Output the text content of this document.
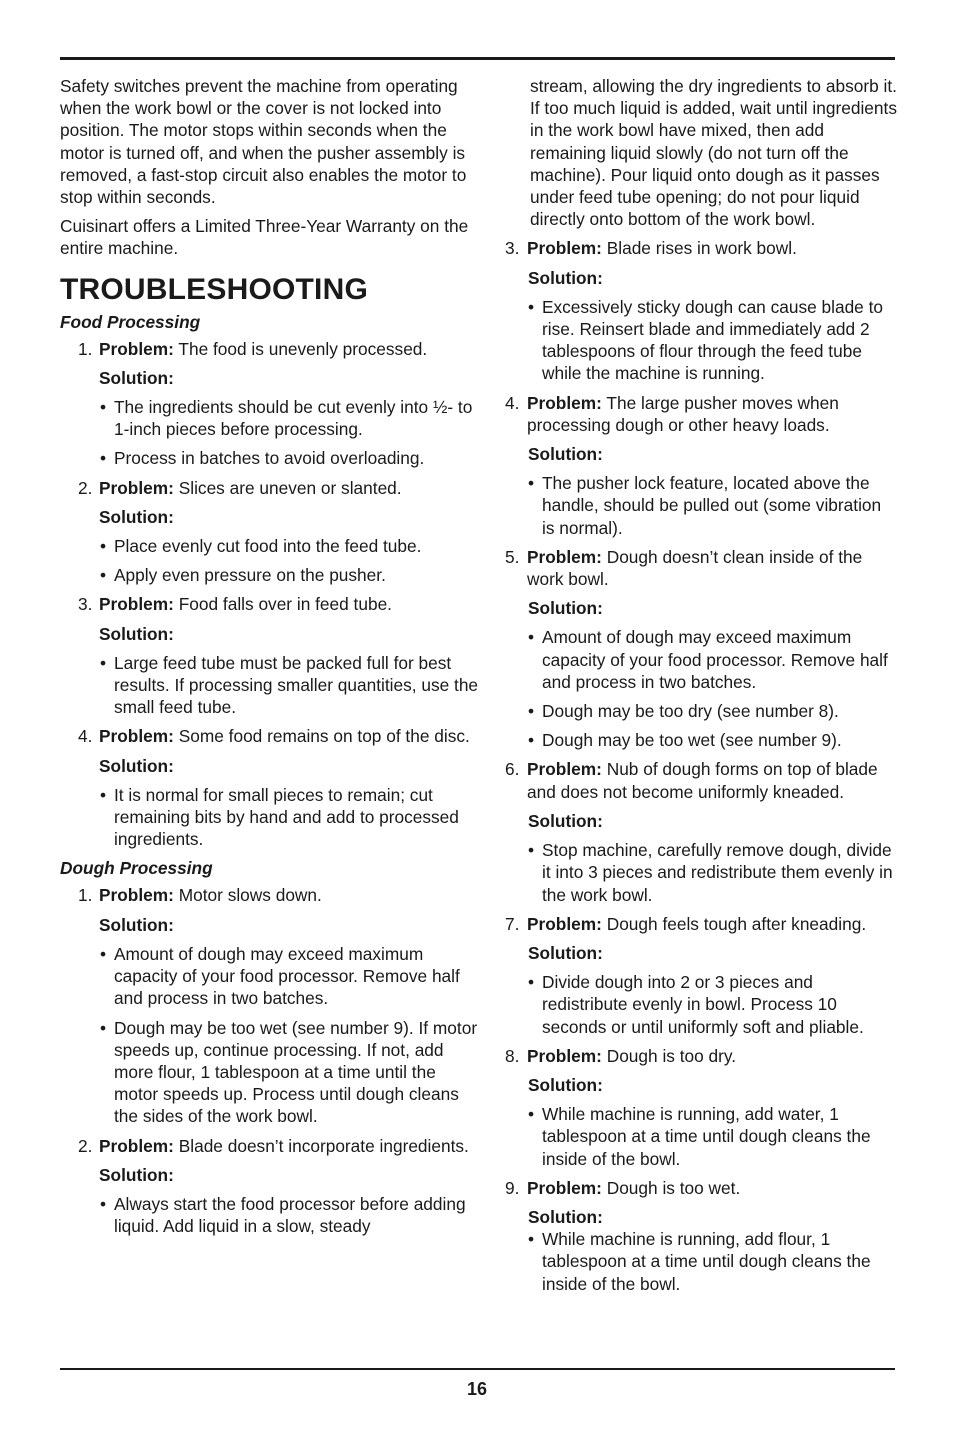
Safety switches prevent the machine from operating when the work bowl or the cover is not locked into position. The motor stops within seconds when the motor is turned off, and when the pusher assembly is removed, a fast-stop circuit also enables the motor to stop within seconds.

Cuisinart offers a Limited Three-Year Warranty on the entire machine.

TROUBLESHOOTING
Food Processing
1. Problem: The food is unevenly processed.

Solution:

• The ingredients should be cut evenly into ½- to 1-inch pieces before processing.
• Process in batches to avoid overloading.
2. Problem: Slices are uneven or slanted.

Solution:

• Place evenly cut food into the feed tube.
• Apply even pressure on the pusher.
3. Problem: Food falls over in feed tube.

Solution:

• Large feed tube must be packed full for best results. If processing smaller quantities, use the small feed tube.
4. Problem: Some food remains on top of the disc.

Solution:

• It is normal for small pieces to remain; cut remaining bits by hand and add to processed ingredients.
Dough Processing
1. Problem: Motor slows down.

Solution:

• Amount of dough may exceed maximum capacity of your food processor. Remove half and process in two batches.
• Dough may be too wet (see number 9). If motor speeds up, continue processing. If not, add more flour, 1 tablespoon at a time until the motor speeds up. Process until dough cleans the sides of the work bowl.
2. Problem: Blade doesn’t incorporate ingredients.

Solution:

• Always start the food processor before adding liquid. Add liquid in a slow, steady

stream, allowing the dry ingredients to absorb it. If too much liquid is added, wait until ingredients in the work bowl have mixed, then add remaining liquid slowly (do not turn off the machine). Pour liquid onto dough as it passes under feed tube opening; do not pour liquid directly onto bottom of the work bowl.

3. Problem: Blade rises in work bowl.

Solution:

• Excessively sticky dough can cause blade to rise. Reinsert blade and immediately add 2 tablespoons of flour through the feed tube while the machine is running.
4. Problem: The large pusher moves when processing dough or other heavy loads.

Solution:

• The pusher lock feature, located above the handle, should be pulled out (some vibration is normal).
5. Problem: Dough doesn’t clean inside of the work bowl.

Solution:

• Amount of dough may exceed maximum capacity of your food processor. Remove half and process in two batches.
• Dough may be too dry (see number 8).
• Dough may be too wet (see number 9).
6. Problem: Nub of dough forms on top of blade and does not become uniformly kneaded.

Solution:

• Stop machine, carefully remove dough, divide it into 3 pieces and redistribute them evenly in the work bowl.
7. Problem: Dough feels tough after kneading.

Solution:

• Divide dough into 2 or 3 pieces and redistribute evenly in bowl. Process 10 seconds or until uniformly soft and pliable.
8. Problem: Dough is too dry.

Solution:

• While machine is running, add water, 1 tablespoon at a time until dough cleans the inside of the bowl.
9. Problem: Dough is too wet.

Solution:

• While machine is running, add flour, 1 tablespoon at a time until dough cleans the inside of the bowl.
16
